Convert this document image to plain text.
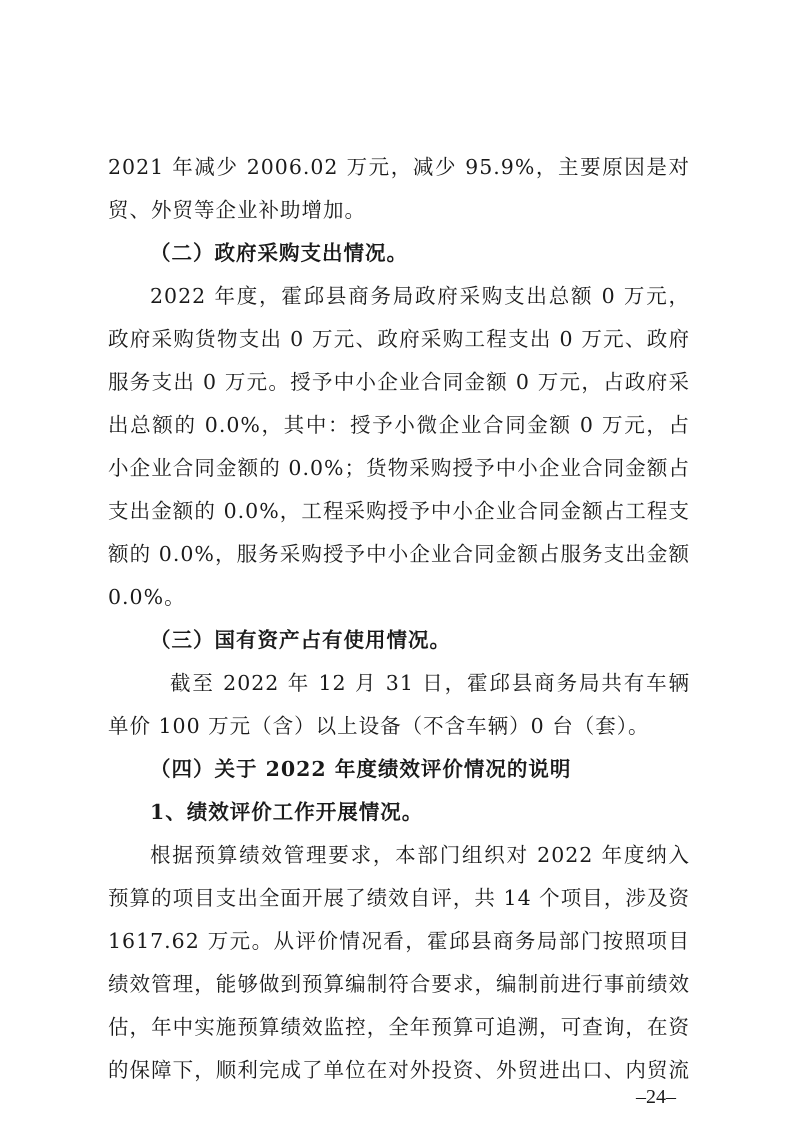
2021 年减少 2006.02 万元，减少 95.9%，主要原因是对
贸、外贸等企业补助增加。
（二）政府采购支出情况。
2022 年度，霍邱县商务局政府采购支出总额 0 万元，
政府采购货物支出 0 万元、政府采购工程支出 0 万元、政府
服务支出 0 万元。授予中小企业合同金额 0 万元，占政府采
出总额的 0.0%，其中：授予小微企业合同金额 0 万元，占
小企业合同金额的 0.0%；货物采购授予中小企业合同金额占
支出金额的 0.0%，工程采购授予中小企业合同金额占工程支
额的 0.0%，服务采购授予中小企业合同金额占服务支出金额
0.0%。
（三）国有资产占有使用情况。
截至 2022 年 12 月 31 日，霍邱县商务局共有车辆
单价 100 万元（含）以上设备（不含车辆）0 台（套）。
（四）关于 2022 年度绩效评价情况的说明
1、绩效评价工作开展情况。
根据预算绩效管理要求，本部门组织对 2022 年度纳入
预算的项目支出全面开展了绩效自评，共 14 个项目，涉及资
1617.62 万元。从评价情况看，霍邱县商务局部门按照项目
绩效管理，能够做到预算编制符合要求，编制前进行事前绩效
估，年中实施预算绩效监控，全年预算可追溯，可查询，在资
的保障下，顺利完成了单位在对外投资、外贸进出口、内贸流
–24–
